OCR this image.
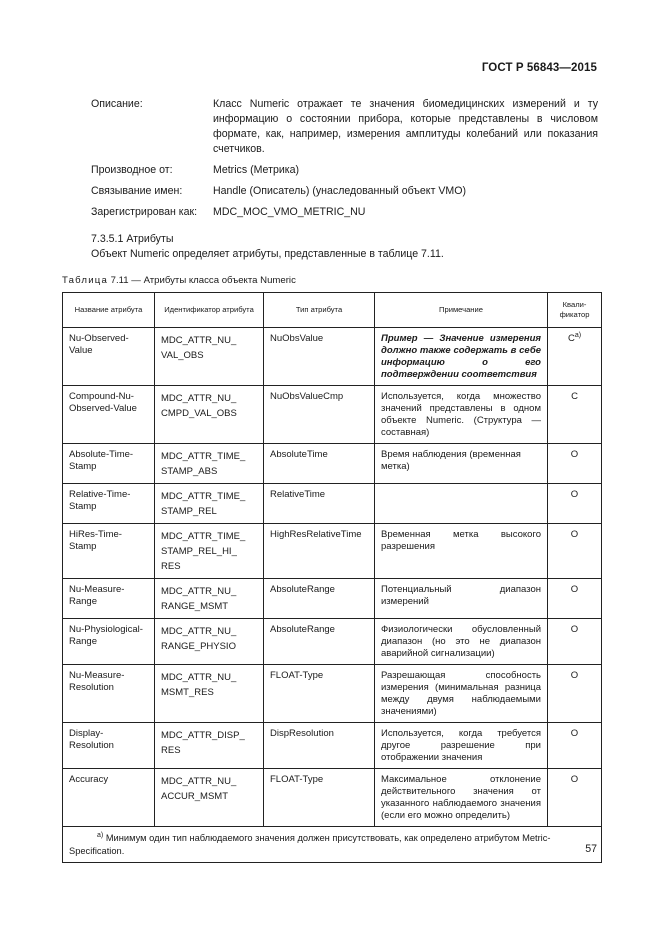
ГОСТ Р 56843—2015
Описание:	Класс Numeric отражает те значения биомедицинских измерений и ту информацию о состоянии прибора, которые представлены в числовом формате, как, например, измерения амплитуды колебаний или показания счетчиков.
Производное от:	Metrics (Метрика)
Связывание имен:	Handle (Описатель) (унаследованный объект VMO)
Зарегистрирован как:	MDC_MOC_VMO_METRIC_NU
7.3.5.1 Атрибуты
Объект Numeric определяет атрибуты, представленные в таблице 7.11.
Таблица 7.11 — Атрибуты класса объекта Numeric
Название атрибута	Идентификатор атрибута	Тип атрибута	Примечание	Квали-фикатор
Nu-Observed-Value	MDC_ATTR_NU_ VAL_OBS	NuObsValue	Пример — Значение измерения должно также содержать в себе информацию о его подтверждении соответствия	$C^{а)}$
Compound-Nu-Observed-Value	MDC_ATTR_NU_ CMPD_VAL_OBS	NuObsValueCmp	Используется, когда множество значений представлены в одном объекте Numeric. (Структура — составная)	C
Absolute-Time-Stamp	MDC_ATTR_TIME_ STAMP_ABS	AbsoluteTime	Время наблюдения (временная метка)	O
Relative-Time-Stamp	MDC_ATTR_TIME_ STAMP_REL	RelativeTime		O
HiRes-Time-Stamp	MDC_ATTR_TIME_ STAMP_REL_HI_ RES	HighResRelativeTime	Временная метка высокого разрешения	O
Nu-Measure-Range	MDC_ATTR_NU_ RANGE_MSMT	AbsoluteRange	Потенциальный диапазон измерений	O
Nu-Physiological-Range	MDC_ATTR_NU_ RANGE_PHYSIO	AbsoluteRange	Физиологически обусловленный диапазон (но это не диапазон аварийной сигнализации)	O
Nu-Measure-Resolution	MDC_ATTR_NU_ MSMT_RES	FLOAT-Type	Разрешающая способность измерения (минимальная разница между двумя наблюдаемыми значениями)	O
Display-Resolution	MDC_ATTR_DISP_ RES	DispResolution	Используется, когда требуется другое разрешение при отображении значения	O
Accuracy	MDC_ATTR_NU_ ACCUR_MSMT	FLOAT-Type	Максимальное отклонение действительного значения от указанного наблюдаемого значения (если его можно определить)	O
$^{а)}$ Минимум один тип наблюдаемого значения должен присутствовать, как определено атрибутом Metric-Specification.					57
